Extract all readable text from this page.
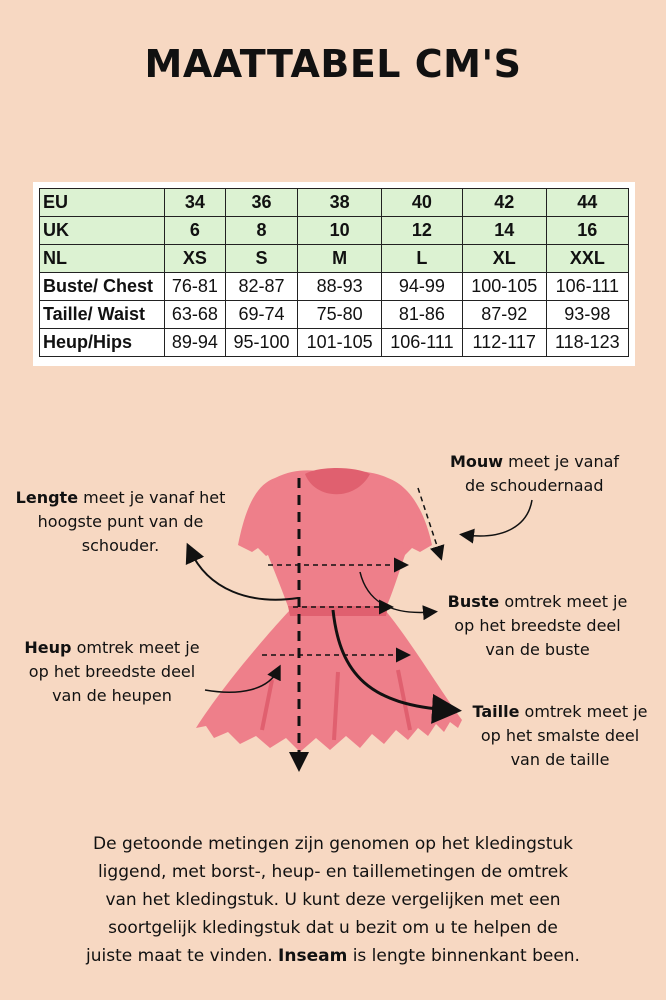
MAATTABEL CM'S
EU	34	36	38	40	42	44
UK	6	8	10	12	14	16
NL	XS	S	M	L	XL	XXL
Buste/ Chest	76-81	82-87	88-93	94-99	100-105	106-111
Taille/ Waist	63-68	69-74	75-80	81-86	87-92	93-98
Heup/Hips	89-94	95-100	101-105	106-111	112-117	118-123
Mouw meet je vanaf
de schoudernaad
Lengte meet je vanaf het
hoogste punt van de
schouder.
Buste omtrek meet je
op het breedste deel
van de buste
Heup omtrek meet je
op het breedste deel
van de heupen
Taille omtrek meet je
op het smalste deel
van de taille
De getoonde metingen zijn genomen op het kledingstuk
liggend, met borst-, heup- en taillemetingen de omtrek
van het kledingstuk. U kunt deze vergelijken met een
soortgelijk kledingstuk dat u bezit om u te helpen de
juiste maat te vinden. Inseam is lengte binnenkant been.
